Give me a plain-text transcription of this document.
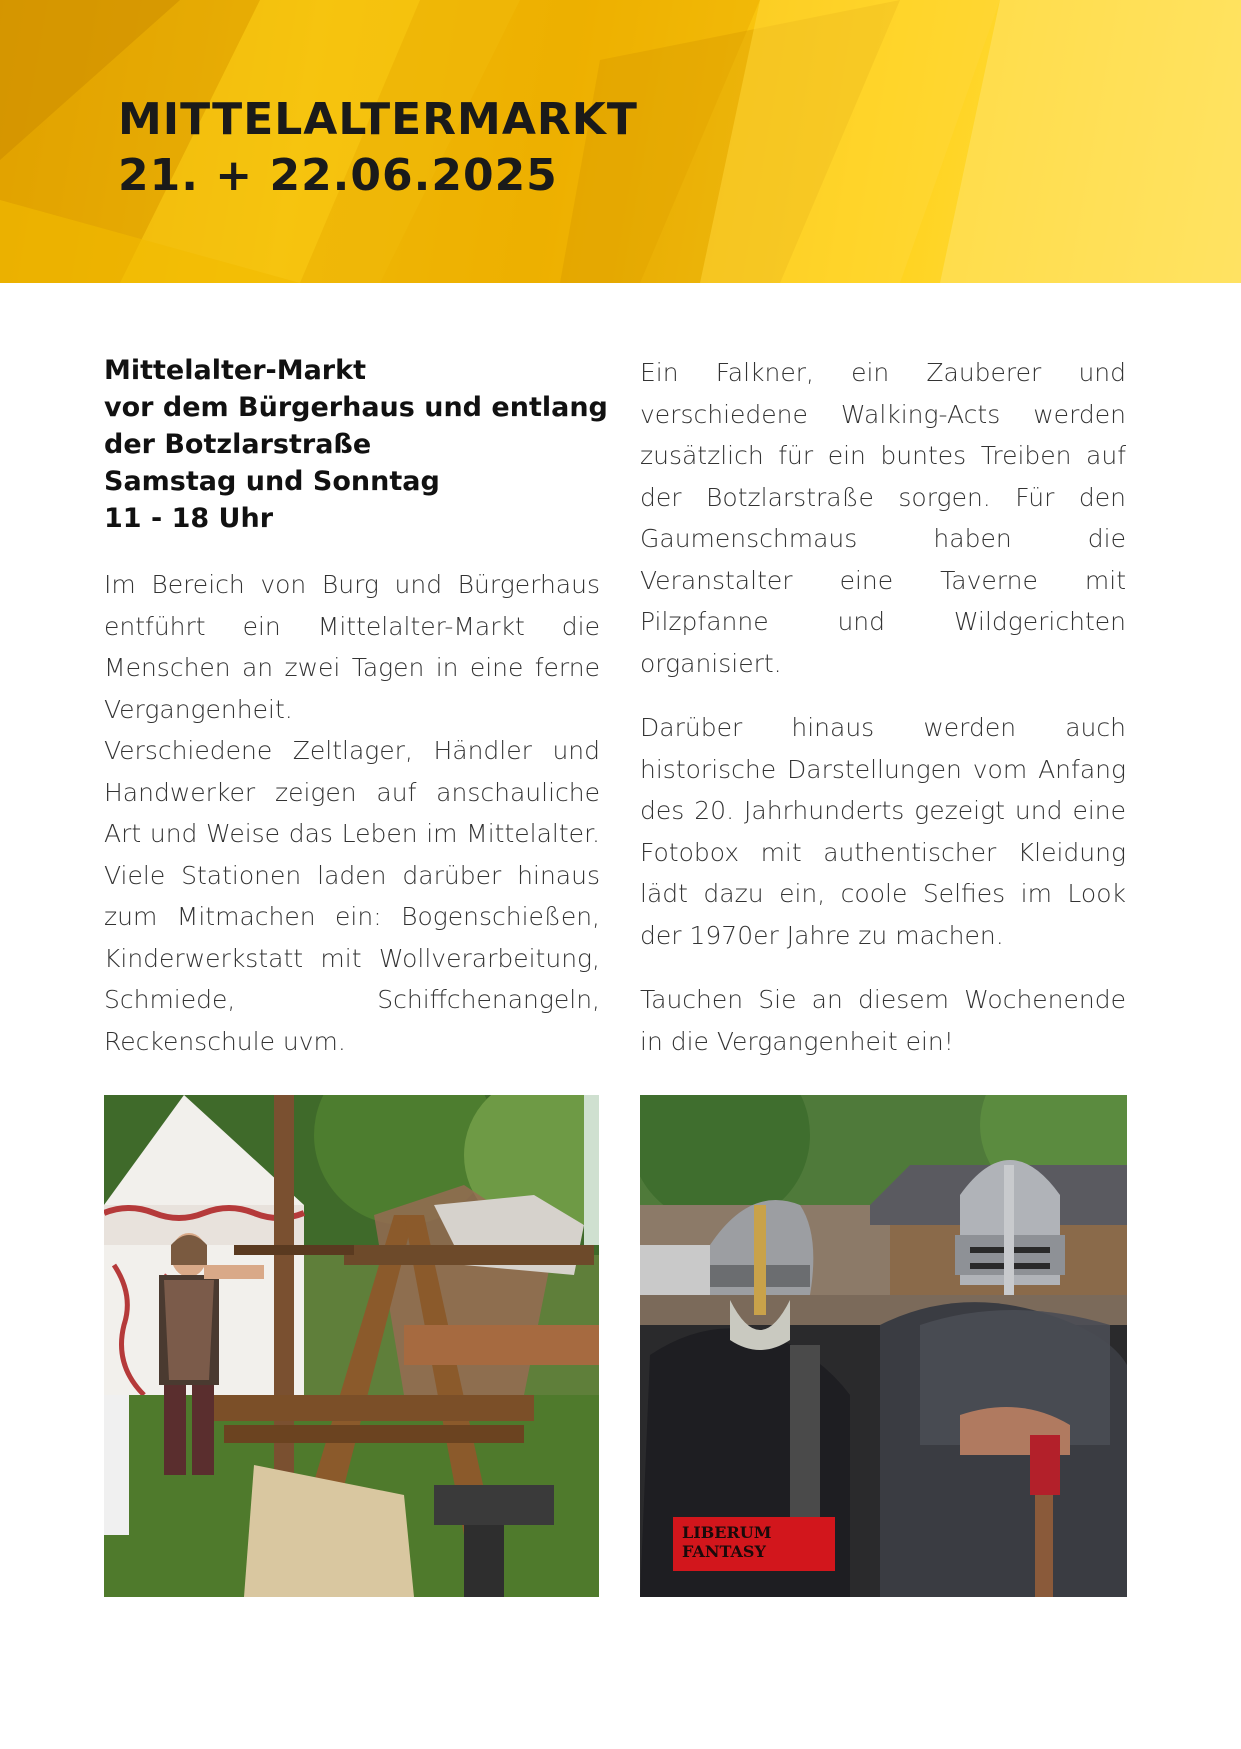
MITTELALTERMARKT
21. + 22.06.2025
Mittelalter-Markt
vor dem Bürgerhaus und entlang
der Botzlarstraße
Samstag und Sonntag
11 - 18 Uhr

Im Bereich von Burg und Bürgerhaus entführt ein Mittelalter-Markt die Menschen an zwei Tagen in eine ferne Vergangenheit.

Verschiedene Zeltlager, Händler und Handwerker zeigen auf anschauliche Art und Weise das Leben im Mittelalter. Viele Stationen laden darüber hinaus zum Mitmachen ein: Bogenschießen, Kinderwerkstatt mit Wollverarbeitung, Schmiede, Schiffchenangeln, Reckenschule uvm.

Ein Falkner, ein Zauberer und verschiedene Walking-Acts werden zusätzlich für ein buntes Treiben auf der Botzlarstraße sorgen. Für den Gaumenschmaus haben die Veranstalter eine Taverne mit Pilzpfanne und Wildgerichten organisiert.

Darüber hinaus werden auch historische Darstellungen vom Anfang des 20. Jahrhunderts gezeigt und eine Fotobox mit authentischer Kleidung lädt dazu ein, coole Selfies im Look der 1970er Jahre zu machen.

Tauchen Sie an diesem Wochenende in die Vergangenheit ein!

LIBERUM
FANTASY
